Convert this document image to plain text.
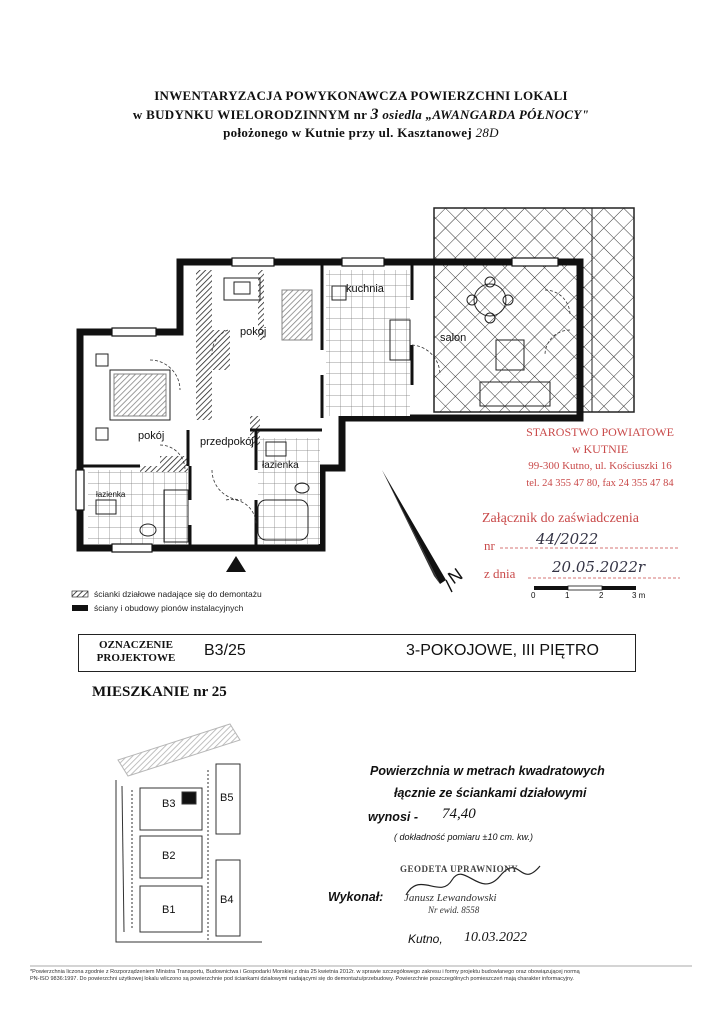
INWENTARYZACJA POWYKONAWCZA POWIERZCHNI LOKALI
w BUDYNKU WIELORODZINNYM nr 3 osiedla „AWANGARDA PÓŁNOCY"
położonego w Kutnie przy ul. Kasztanowej 28D
kuchnia
salon
pokój
pokój	przedpokój
łazienka
łazienka
STAROSTWO POWIATOWE
w KUTNIE
99-300 Kutno, ul. Kościuszki 16
tel. 24 355 47 80, fax 24 355 47 84
Załącznik do zaświadczenia
nr	44/2022
z dnia 20.05.2022r
N
0	1	2	3 m
ścianki działowe nadające się do demontażu
ściany i obudowy pionów instalacyjnych
OZNACZENIE
PROJEKTOWE	B3/25	3-POKOJOWE, III PIĘTRO
MIESZKANIE nr 25
B3
B2
B1
B5
B4
Powierzchnia w metrach kwadratowych
łącznie ze ściankami działowymi
wynosi - 74,40
( dokładność pomiaru ±10 cm. kw.)
GEODETA UPRAWNIONY
Wykonał: Janusz Lewandowski
Nr ewid. 8558
Kutno, 10.03.2022
*Powierzchnia liczona zgodnie z Rozporządzeniem Ministra Transportu, Budownictwa i Gospodarki Morskiej z dnia 25 kwietnia 2012r. w sprawie szczegółowego zakresu i formy projektu budowlanego oraz obowiązującej normą
PN-ISO 9836:1997. Do powierzchni użytkowej lokalu wliczono są powierzchnie pod ściankami działowymi nadającymi się do demontażu/przebudowy. Powierzchnie poszczególnych pomieszczeń mają charakter informacyjny.
